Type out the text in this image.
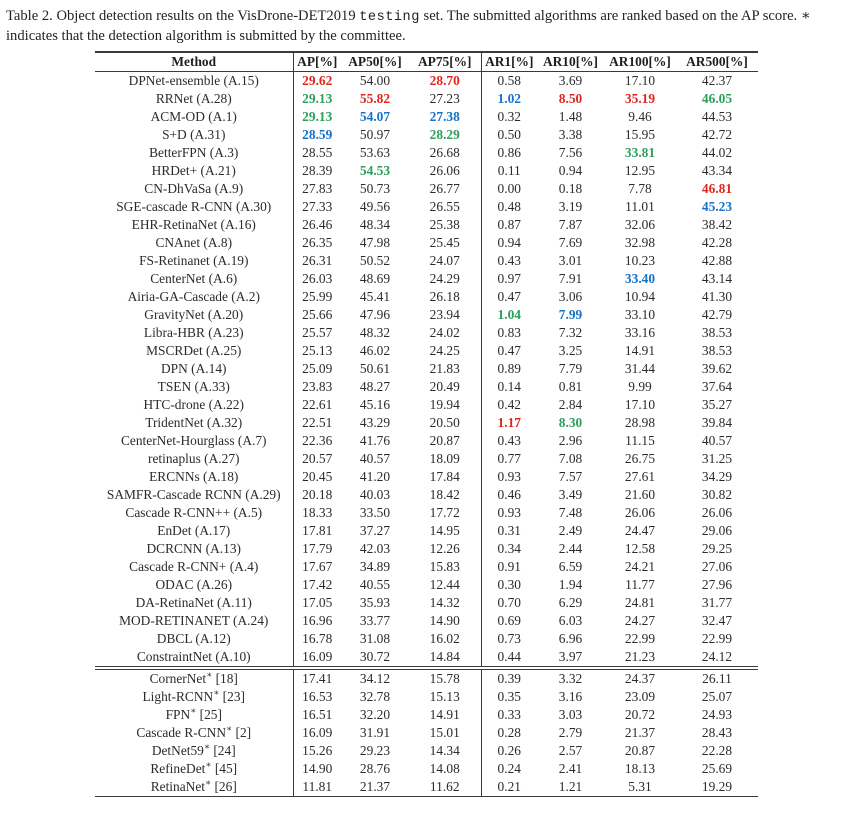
Table 2. Object detection results on the VisDrone-DET2019 testing set. The submitted algorithms are ranked based on the AP score. ∗ indicates that the detection algorithm is submitted by the committee.

Method	AP[%]	AP50[%]	AP75[%]	AR1[%]	AR10[%]	AR100[%]	AR500[%]
DPNet-ensemble (A.15)	29.62	54.00	28.70	0.58	3.69	17.10	42.37
RRNet (A.28)	29.13	55.82	27.23	1.02	8.50	35.19	46.05
ACM-OD (A.1)	29.13	54.07	27.38	0.32	1.48	9.46	44.53
S+D (A.31)	28.59	50.97	28.29	0.50	3.38	15.95	42.72
BetterFPN (A.3)	28.55	53.63	26.68	0.86	7.56	33.81	44.02
HRDet+ (A.21)	28.39	54.53	26.06	0.11	0.94	12.95	43.34
CN-DhVaSa (A.9)	27.83	50.73	26.77	0.00	0.18	7.78	46.81
SGE-cascade R-CNN (A.30)	27.33	49.56	26.55	0.48	3.19	11.01	45.23
EHR-RetinaNet (A.16)	26.46	48.34	25.38	0.87	7.87	32.06	38.42
CNAnet (A.8)	26.35	47.98	25.45	0.94	7.69	32.98	42.28
FS-Retinanet (A.19)	26.31	50.52	24.07	0.43	3.01	10.23	42.88
CenterNet (A.6)	26.03	48.69	24.29	0.97	7.91	33.40	43.14
Airia-GA-Cascade (A.2)	25.99	45.41	26.18	0.47	3.06	10.94	41.30
GravityNet (A.20)	25.66	47.96	23.94	1.04	7.99	33.10	42.79
Libra-HBR (A.23)	25.57	48.32	24.02	0.83	7.32	33.16	38.53
MSCRDet (A.25)	25.13	46.02	24.25	0.47	3.25	14.91	38.53
DPN (A.14)	25.09	50.61	21.83	0.89	7.79	31.44	39.62
TSEN (A.33)	23.83	48.27	20.49	0.14	0.81	9.99	37.64
HTC-drone (A.22)	22.61	45.16	19.94	0.42	2.84	17.10	35.27
TridentNet (A.32)	22.51	43.29	20.50	1.17	8.30	28.98	39.84
CenterNet-Hourglass (A.7)	22.36	41.76	20.87	0.43	2.96	11.15	40.57
retinaplus (A.27)	20.57	40.57	18.09	0.77	7.08	26.75	31.25
ERCNNs (A.18)	20.45	41.20	17.84	0.93	7.57	27.61	34.29
SAMFR-Cascade RCNN (A.29)	20.18	40.03	18.42	0.46	3.49	21.60	30.82
Cascade R-CNN++ (A.5)	18.33	33.50	17.72	0.93	7.48	26.06	26.06
EnDet (A.17)	17.81	37.27	14.95	0.31	2.49	24.47	29.06
DCRCNN (A.13)	17.79	42.03	12.26	0.34	2.44	12.58	29.25
Cascade R-CNN+ (A.4)	17.67	34.89	15.83	0.91	6.59	24.21	27.06
ODAC (A.26)	17.42	40.55	12.44	0.30	1.94	11.77	27.96
DA-RetinaNet (A.11)	17.05	35.93	14.32	0.70	6.29	24.81	31.77
MOD-RETINANET (A.24)	16.96	33.77	14.90	0.69	6.03	24.27	32.47
DBCL (A.12)	16.78	31.08	16.02	0.73	6.96	22.99	22.99
ConstraintNet (A.10)	16.09	30.72	14.84	0.44	3.97	21.23	24.12
CornerNet∗ [18]	17.41	34.12	15.78	0.39	3.32	24.37	26.11
Light-RCNN∗ [23]	16.53	32.78	15.13	0.35	3.16	23.09	25.07
FPN∗ [25]	16.51	32.20	14.91	0.33	3.03	20.72	24.93
Cascade R-CNN∗ [2]	16.09	31.91	15.01	0.28	2.79	21.37	28.43
DetNet59∗ [24]	15.26	29.23	14.34	0.26	2.57	20.87	22.28
RefineDet∗ [45]	14.90	28.76	14.08	0.24	2.41	18.13	25.69
RetinaNet∗ [26]	11.81	21.37	11.62	0.21	1.21	5.31	19.29
